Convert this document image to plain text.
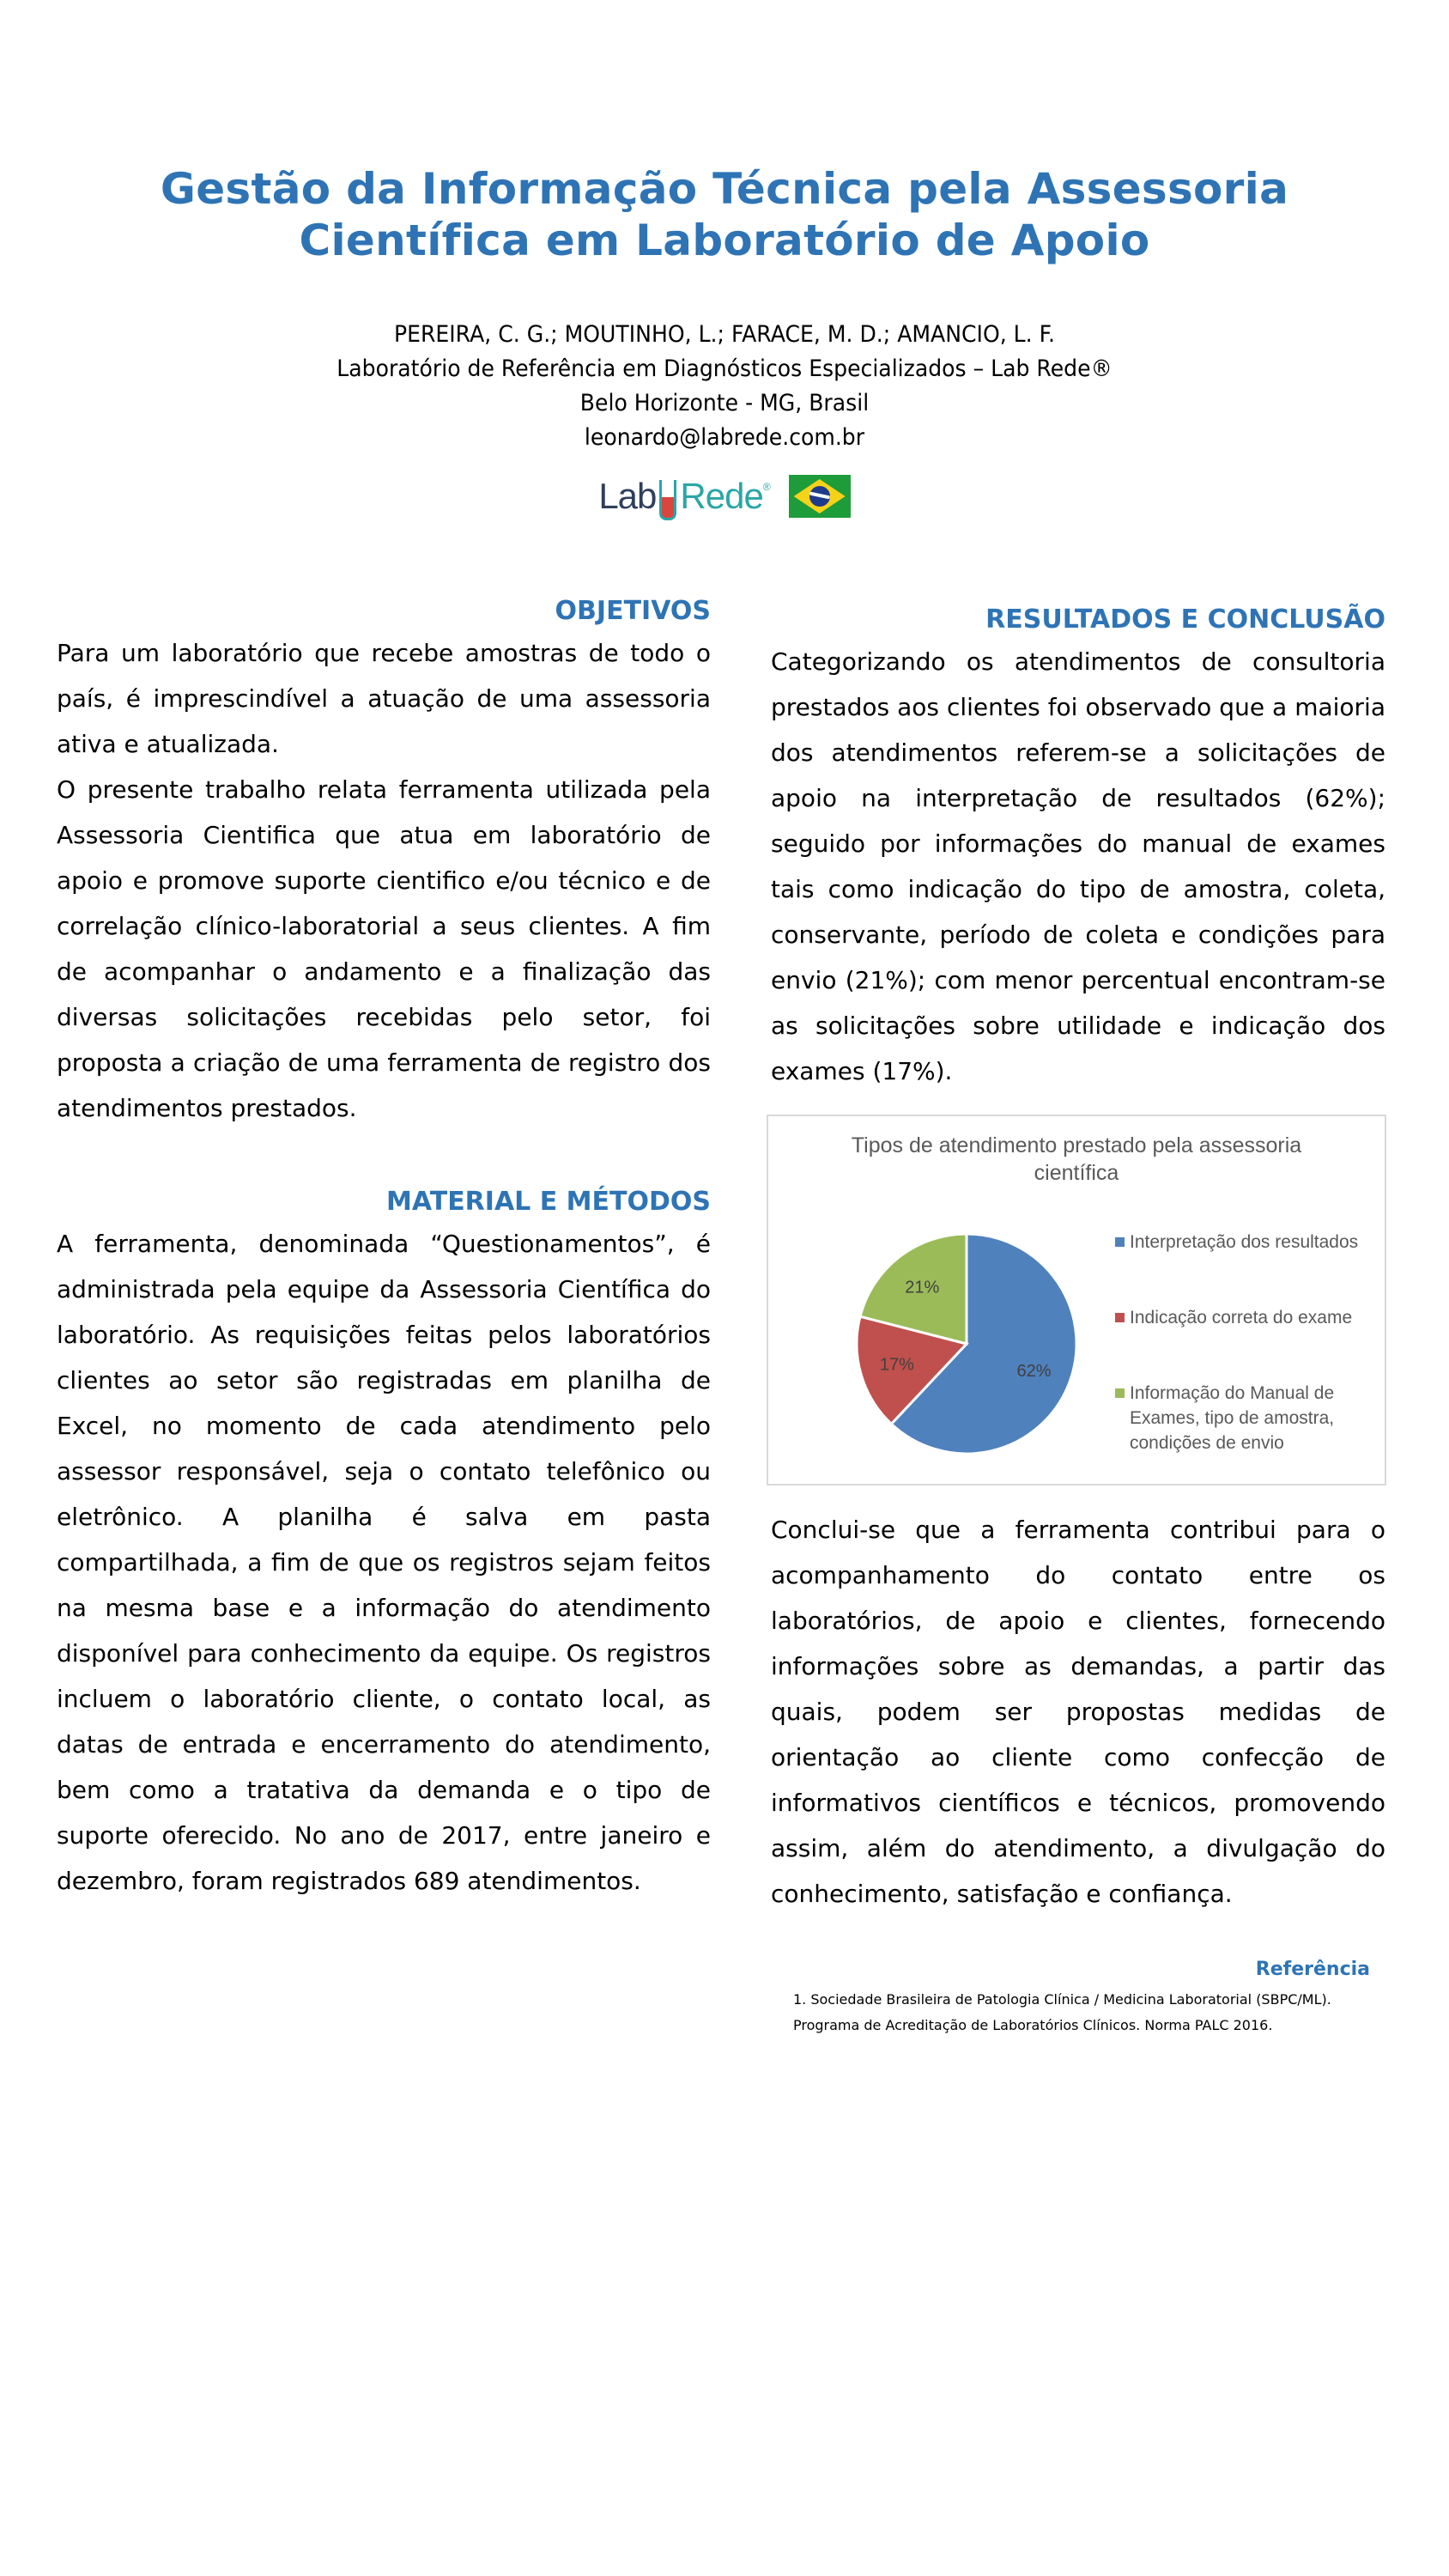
Gestão da Informação Técnica pela Assessoria
Científica em Laboratório de Apoio
PEREIRA, C. G.; MOUTINHO, L.; FARACE, M. D.; AMANCIO, L. F.
Laboratório de Referência em Diagnósticos Especializados – Lab Rede®
Belo Horizonte - MG, Brasil
leonardo@labrede.com.br
Lab Rede ®
OBJETIVOS

Para um laboratório que recebe amostras de todo o país, é imprescindível a atuação de uma assessoria ativa e atualizada.

O presente trabalho relata ferramenta utilizada pela Assessoria Cientifica que atua em laboratório de apoio e promove suporte cientifico e/ou técnico e de correlação clínico-laboratorial a seus clientes. A fim de acompanhar o andamento e a finalização das diversas solicitações recebidas pelo setor, foi proposta a criação de uma ferramenta de registro dos atendimentos prestados.

MATERIAL E MÉTODOS

A ferramenta, denominada “Questionamentos”, é administrada pela equipe da Assessoria Científica do laboratório. As requisições feitas pelos laboratórios clientes ao setor são registradas em planilha de Excel, no momento de cada atendimento pelo assessor responsável, seja o contato telefônico ou eletrônico. A planilha é salva em pasta compartilhada, a fim de que os registros sejam feitos na mesma base e a informação do atendimento disponível para conhecimento da equipe. Os registros incluem o laboratório cliente, o contato local, as datas de entrada e encerramento do atendimento, bem como a tratativa da demanda e o tipo de suporte oferecido. No ano de 2017, entre janeiro e dezembro, foram registrados 689 atendimentos.

RESULTADOS E CONCLUSÃO

Categorizando os atendimentos de consultoria prestados aos clientes foi observado que a maioria dos atendimentos referem-se a solicitações de apoio na interpretação de resultados (62%); seguido por informações do manual de exames tais como indicação do tipo de amostra, coleta, conservante, período de coleta e condições para envio (21%); com menor percentual encontram-se as solicitações sobre utilidade e indicação dos exames (17%).

Tipos de atendimento prestado pela assessoria
científica
62%
17%
21%
Interpretação dos resultados
Indicação correta do exame
Informação do Manual de
Exames, tipo de amostra,
condições de envio

Conclui-se que a ferramenta contribui para o acompanhamento do contato entre os laboratórios, de apoio e clientes, fornecendo informações sobre as demandas, a partir das quais, podem ser propostas medidas de orientação ao cliente como confecção de informativos científicos e técnicos, promovendo assim, além do atendimento, a divulgação do conhecimento, satisfação e confiança.

Referência
1. Sociedade Brasileira de Patologia Clínica / Medicina Laboratorial (SBPC/ML).
Programa de Acreditação de Laboratórios Clínicos. Norma PALC 2016.
